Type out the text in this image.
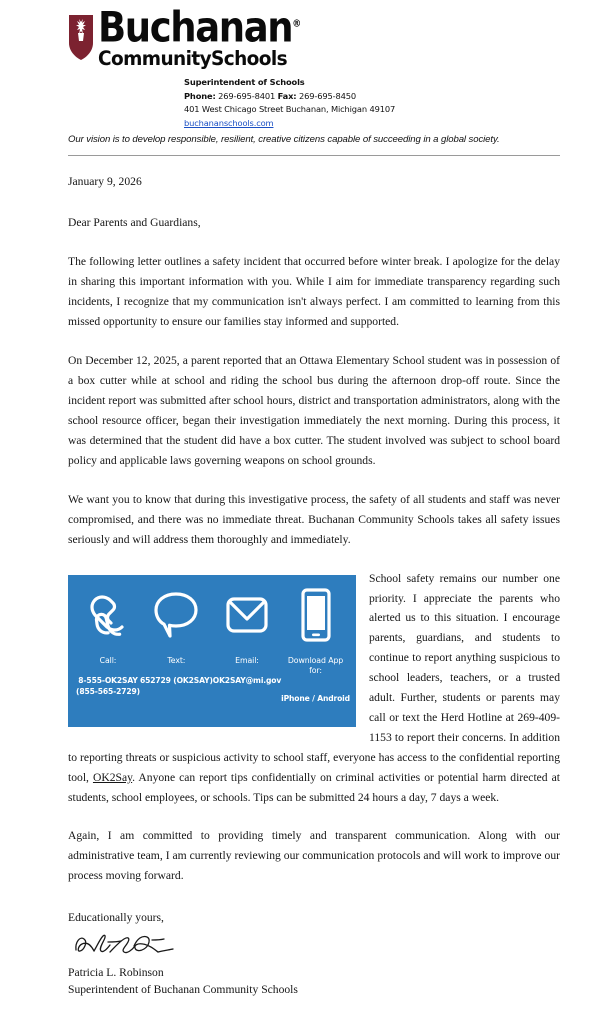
Buchanan®
CommunitySchools
Superintendent of Schools
Phone: 269-695-8401 Fax: 269-695-8450
401 West Chicago Street Buchanan, Michigan 49107
buchananschools.com
Our vision is to develop responsible, resilient, creative citizens capable of succeeding in a global society.
January 9, 2026
Dear Parents and Guardians,

The following letter outlines a safety incident that occurred before winter break. I apologize for the delay in sharing this important information with you. While I aim for immediate transparency regarding such incidents, I recognize that my communication isn't always perfect. I am committed to learning from this missed opportunity to ensure our families stay informed and supported.

On December 12, 2025, a parent reported that an Ottawa Elementary School student was in possession of a box cutter while at school and riding the school bus during the afternoon drop-off route. Since the incident report was submitted after school hours, district and transportation administrators, along with the school resource officer, began their investigation immediately the next morning. During this process, it was determined that the student did have a box cutter. The student involved was subject to school board policy and applicable laws governing weapons on school grounds.

We want you to know that during this investigative process, the safety of all students and staff was never compromised, and there was no immediate threat. Buchanan Community Schools takes all safety issues seriously and will address them thoroughly and immediately.

Call:
8-555-OK2SAY
(855-565-2729)
Text:
652729 (OK2SAY)
Email:
OK2SAY@mi.gov
Download App for:
iPhone / Android
School safety remains our number one priority. I appreciate the parents who alerted us to this situation. I encourage parents, guardians, and students to continue to report anything suspicious to school leaders, teachers, or a trusted adult. Further, students or parents may call or text the Herd Hotline at 269-409-1153 to report their concerns. In addition to reporting threats or suspicious activity to school staff, everyone has access to the confidential reporting tool, OK2Say. Anyone can report tips confidentially on criminal activities or potential harm directed at students, school employees, or schools. Tips can be submitted 24 hours a day, 7 days a week.

Again, I am committed to providing timely and transparent communication. Along with our administrative team, I am currently reviewing our communication protocols and will work to improve our process moving forward.

Educationally yours,
Patricia L. Robinson
Superintendent of Buchanan Community Schools
